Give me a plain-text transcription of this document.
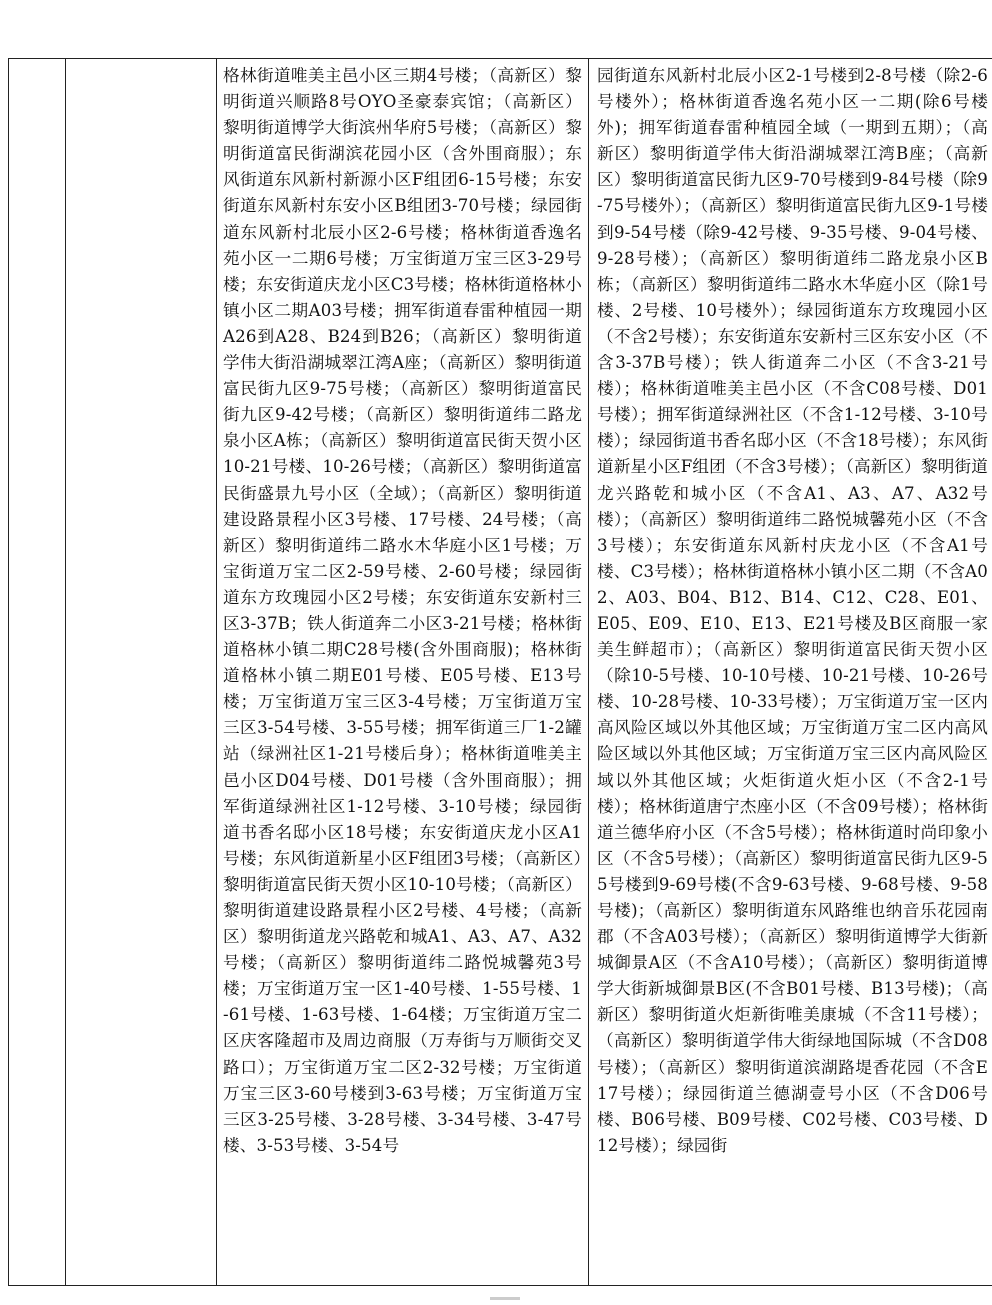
格林街道唯美主邑小区三期4号楼；（高新区）黎明街道兴顺路8号OYO圣豪泰宾馆；（高新区）黎明街道博学大街滨州华府5号楼；（高新区）黎明街道富民街湖滨花园小区（含外围商服）；东风街道东风新村新源小区F组团6-15号楼；东安街道东风新村东安小区B组团3-70号楼；绿园街道东风新村北辰小区2-6号楼；格林街道香逸名苑小区一二期6号楼；万宝街道万宝三区3-29号楼；东安街道庆龙小区C3号楼；格林街道格林小镇小区二期A03号楼；拥军街道春雷种植园一期A26到A28、B24到B26；（高新区）黎明街道学伟大街沿湖城翠江湾A座；（高新区）黎明街道富民街九区9-75号楼；（高新区）黎明街道富民街九区9-42号楼；（高新区）黎明街道纬二路龙泉小区A栋；（高新区）黎明街道富民街天贺小区10-21号楼、10-26号楼；（高新区）黎明街道富民街盛景九号小区（全域）；（高新区）黎明街道建设路景程小区3号楼、17号楼、24号楼；（高新区）黎明街道纬二路水木华庭小区1号楼；万宝街道万宝二区2-59号楼、2-60号楼；绿园街道东方玫瑰园小区2号楼；东安街道东安新村三区3-37B；铁人街道奔二小区3-21号楼；格林街道格林小镇二期C28号楼(含外围商服)；格林街道格林小镇二期E01号楼、E05号楼、E13号楼；万宝街道万宝三区3-4号楼；万宝街道万宝三区3-54号楼、3-55号楼；拥军街道三厂1-2罐站（绿洲社区1-21号楼后身）；格林街道唯美主邑小区D04号楼、D01号楼（含外围商服）；拥军街道绿洲社区1-12号楼、3-10号楼；绿园街道书香名邸小区18号楼；东安街道庆龙小区A1号楼；东风街道新星小区F组团3号楼；（高新区）黎明街道富民街天贺小区10-10号楼；（高新区）黎明街道建设路景程小区2号楼、4号楼；（高新区）黎明街道龙兴路乾和城A1、A3、A7、A32号楼；（高新区）黎明街道纬二路悦城馨苑3号楼；万宝街道万宝一区1-40号楼、1-55号楼、1-61号楼、1-63号楼、1-64楼；万宝街道万宝二区庆客隆超市及周边商服（万寿街与万顺街交叉路口）；万宝街道万宝二区2-32号楼；万宝街道万宝三区3-60号楼到3-63号楼；万宝街道万宝三区3-25号楼、3-28号楼、3-34号楼、3-47号楼、3-53号楼、3-54号

园街道东风新村北辰小区2-1号楼到2-8号楼（除2-6号楼外）；格林街道香逸名苑小区一二期(除6号楼外)；拥军街道春雷种植园全域（一期到五期）；（高新区）黎明街道学伟大街沿湖城翠江湾B座；（高新区）黎明街道富民街九区9-70号楼到9-84号楼（除9-75号楼外）；（高新区）黎明街道富民街九区9-1号楼到9-54号楼（除9-42号楼、9-35号楼、9-04号楼、9-28号楼）；（高新区）黎明街道纬二路龙泉小区B栋；（高新区）黎明街道纬二路水木华庭小区（除1号楼、2号楼、10号楼外）；绿园街道东方玫瑰园小区（不含2号楼）；东安街道东安新村三区东安小区（不含3-37B号楼）；铁人街道奔二小区（不含3-21号楼）；格林街道唯美主邑小区（不含C08号楼、D01号楼）；拥军街道绿洲社区（不含1-12号楼、3-10号楼）；绿园街道书香名邸小区（不含18号楼）；东风街道新星小区F组团（不含3号楼）；（高新区）黎明街道龙兴路乾和城小区（不含A1、A3、A7、A32号楼）；（高新区）黎明街道纬二路悦城馨苑小区（不含3号楼）；东安街道东风新村庆龙小区（不含A1号楼、C3号楼）；格林街道格林小镇小区二期（不含A02、A03、B04、B12、B14、C12、C28、E01、E05、E09、E10、E13、E21号楼及B区商服一家美生鲜超市）；（高新区）黎明街道富民街天贺小区（除10-5号楼、10-10号楼、10-21号楼、10-26号楼、10-28号楼、10-33号楼）；万宝街道万宝一区内高风险区域以外其他区域；万宝街道万宝二区内高风险区域以外其他区域；万宝街道万宝三区内高风险区域以外其他区域；火炬街道火炬小区（不含2-1号楼）；格林街道唐宁杰座小区（不含09号楼）；格林街道兰德华府小区（不含5号楼）；格林街道时尚印象小区（不含5号楼）；（高新区）黎明街道富民街九区9-55号楼到9-69号楼(不含9-63号楼、9-68号楼、9-58号楼)；（高新区）黎明街道东风路维也纳音乐花园南郡（不含A03号楼）；（高新区）黎明街道博学大街新城御景A区（不含A10号楼）；（高新区）黎明街道博学大街新城御景B区(不含B01号楼、B13号楼)；（高新区）黎明街道火炬新街唯美康城（不含11号楼）；（高新区）黎明街道学伟大街绿地国际城（不含D08号楼）；（高新区）黎明街道滨湖路堤香花园（不含E17号楼）；绿园街道兰德湖壹号小区（不含D06号楼、B06号楼、B09号楼、C02号楼、C03号楼、D12号楼）；绿园街
